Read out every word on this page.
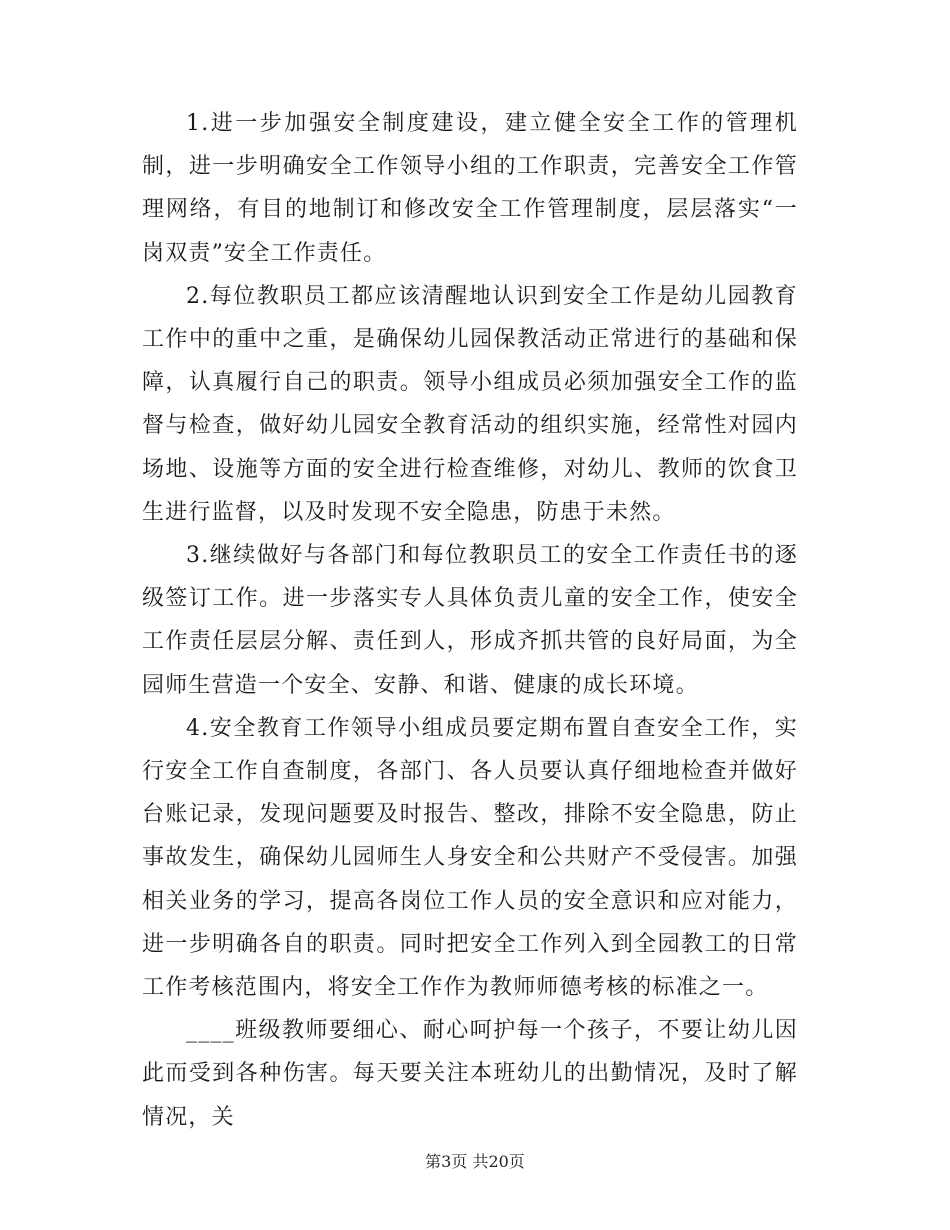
1.进一步加强安全制度建设，建立健全安全工作的管理机制，进一步明确安全工作领导小组的工作职责，完善安全工作管理网络，有目的地制订和修改安全工作管理制度，层层落实“一岗双责”安全工作责任。

2.每位教职员工都应该清醒地认识到安全工作是幼儿园教育工作中的重中之重，是确保幼儿园保教活动正常进行的基础和保障，认真履行自己的职责。领导小组成员必须加强安全工作的监督与检查，做好幼儿园安全教育活动的组织实施，经常性对园内场地、设施等方面的安全进行检查维修，对幼儿、教师的饮食卫生进行监督，以及时发现不安全隐患，防患于未然。

3.继续做好与各部门和每位教职员工的安全工作责任书的逐级签订工作。进一步落实专人具体负责儿童的安全工作，使安全工作责任层层分解、责任到人，形成齐抓共管的良好局面，为全园师生营造一个安全、安静、和谐、健康的成长环境。

4.安全教育工作领导小组成员要定期布置自查安全工作，实行安全工作自查制度，各部门、各人员要认真仔细地检查并做好台账记录，发现问题要及时报告、整改，排除不安全隐患，防止事故发生，确保幼儿园师生人身安全和公共财产不受侵害。加强相关业务的学习，提高各岗位工作人员的安全意识和应对能力，进一步明确各自的职责。同时把安全工作列入到全园教工的日常工作考核范围内，将安全工作作为教师师德考核的标准之一。

____班级教师要细心、耐心呵护每一个孩子，不要让幼儿因此而受到各种伤害。每天要关注本班幼儿的出勤情况，及时了解情况，关

第3页 共20页
